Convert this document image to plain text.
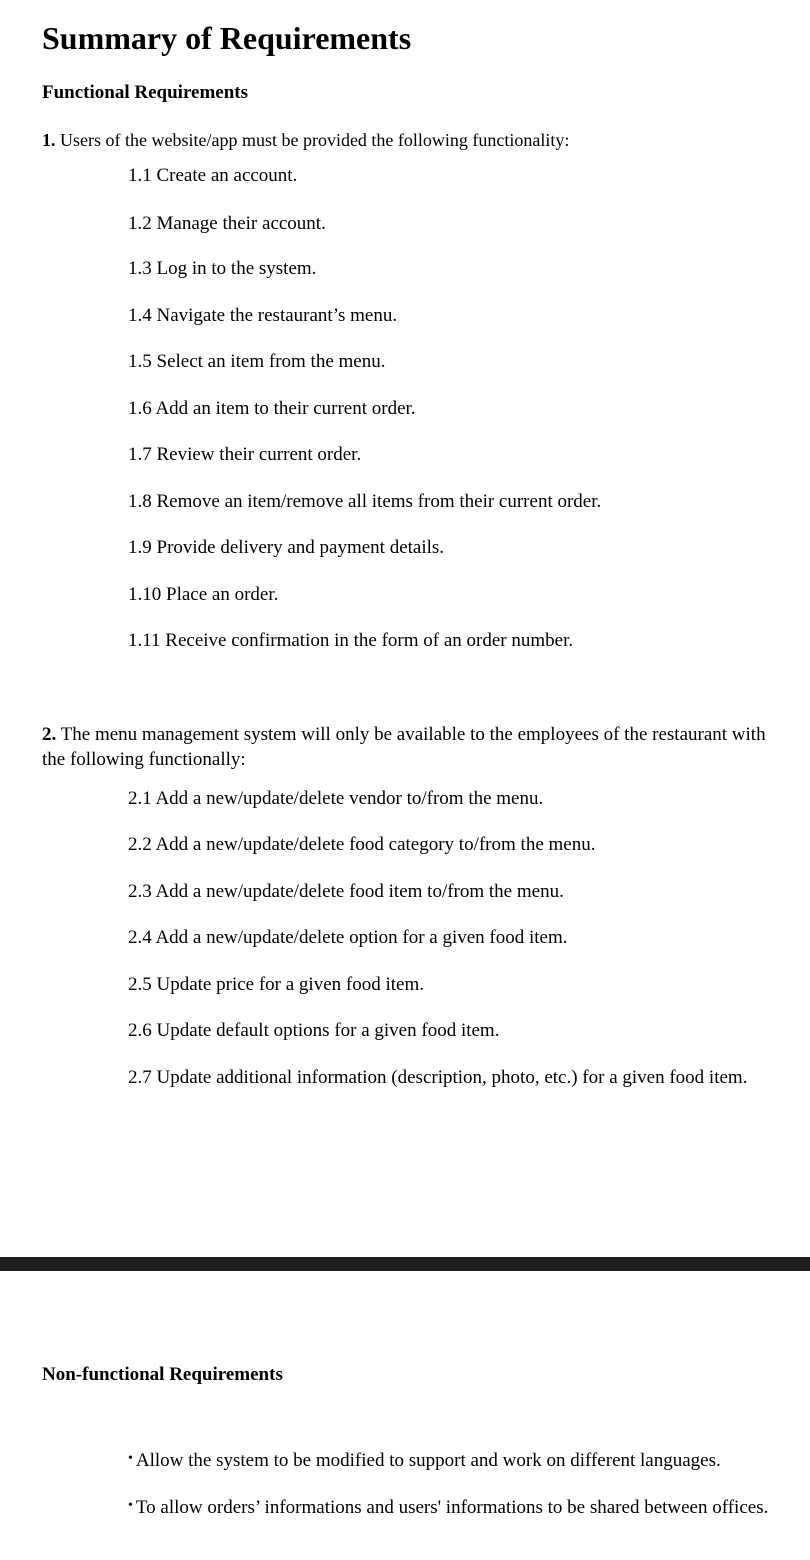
Summary of Requirements
Functional Requirements
1. Users of the website/app must be provided the following functionality:
1.1 Create an account.
1.2 Manage their account.
1.3 Log in to the system.
1.4 Navigate the restaurant’s menu.
1.5 Select an item from the menu.
1.6 Add an item to their current order.
1.7 Review their current order.
1.8 Remove an item/remove all items from their current order.
1.9 Provide delivery and payment details.
1.10 Place an order.
1.11 Receive confirmation in the form of an order number.
2. The menu management system will only be available to the employees of the restaurant with the following functionally:
2.1 Add a new/update/delete vendor to/from the menu.
2.2 Add a new/update/delete food category to/from the menu.
2.3 Add a new/update/delete food item to/from the menu.
2.4 Add a new/update/delete option for a given food item.
2.5 Update price for a given food item.
2.6 Update default options for a given food item.
2.7 Update additional information (description, photo, etc.) for a given food item.
Non-functional Requirements
• Allow the system to be modified to support and work on different languages.
• To allow orders’ informations and users' informations to be shared between offices.
